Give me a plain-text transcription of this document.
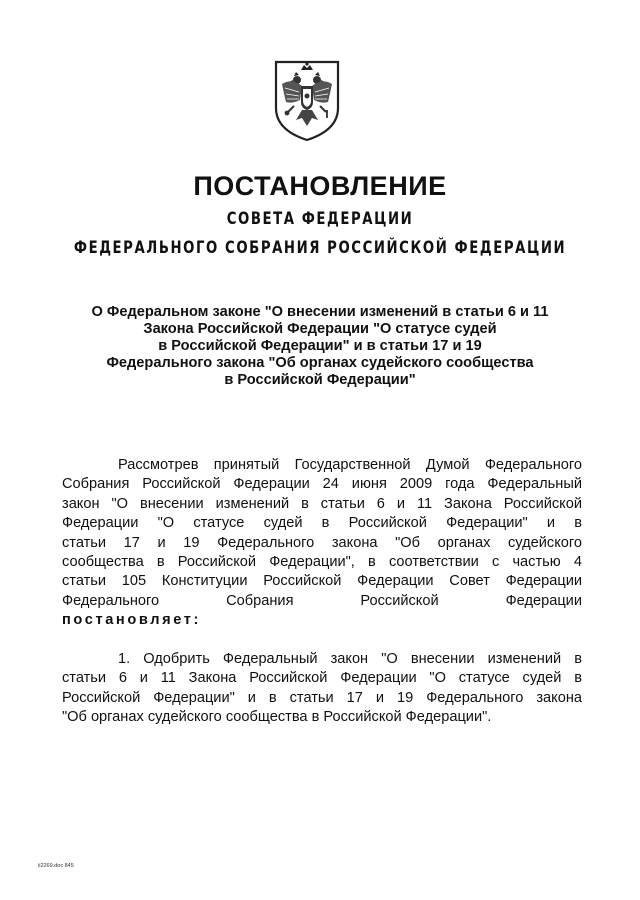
ПОСТАНОВЛЕНИЕ
СОВЕТА ФЕДЕРАЦИИ
ФЕДЕРАЛЬНОГО СОБРАНИЯ РОССИЙСКОЙ ФЕДЕРАЦИИ

О Федеральном законе "О внесении изменений в статьи 6 и 11
Закона Российской Федерации "О статусе судей
в Российской Федерации" и в статьи 17 и 19
Федерального закона "Об органах судейского сообщества
в Российской Федерации"

Рассмотрев принятый Государственной Думой Федерального
Собрания Российской Федерации 24 июня 2009 года Федеральный
закон "О внесении изменений в статьи 6 и 11 Закона Российской
Федерации "О статусе судей в Российской Федерации" и в
статьи 17 и 19 Федерального закона "Об органах судейского
сообщества в Российской Федерации", в соответствии с частью 4
статьи 105 Конституции Российской Федерации Совет Федерации
Федерального Собрания Российской Федерации
постановляет:

1. Одобрить Федеральный закон "О внесении изменений в
статьи 6 и 11 Закона Российской Федерации "О статусе судей в
Российской Федерации" и в статьи 17 и 19 Федерального закона
"Об органах судейского сообщества в Российской Федерации".

ii2269.doc 845
